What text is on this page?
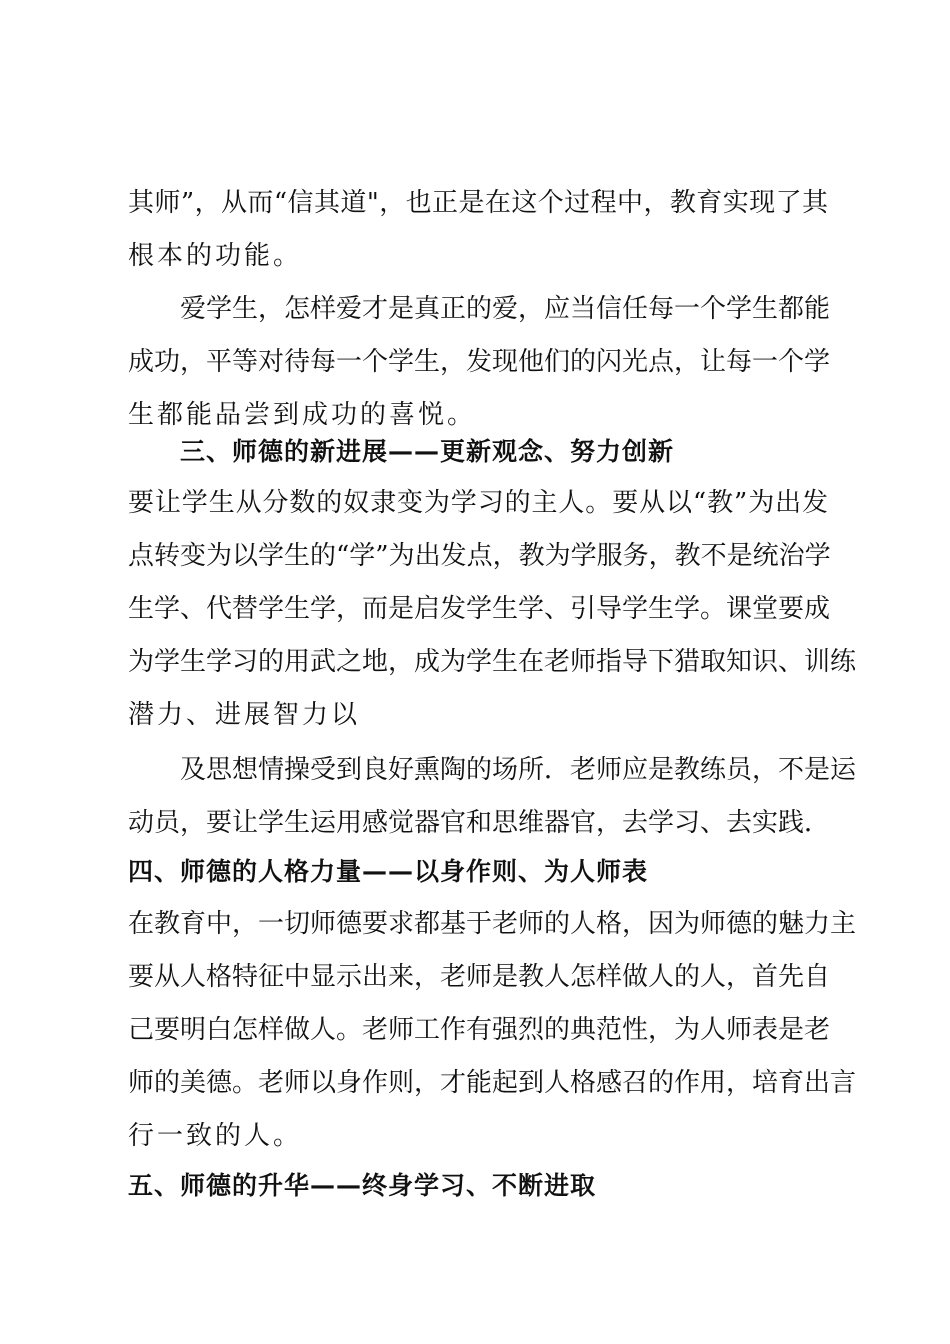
其师”，从而“信其道"，也正是在这个过程中，教育实现了其

根本的功能。

爱学生，怎样爱才是真正的爱，应当信任每一个学生都能

成功，平等对待每一个学生，发现他们的闪光点，让每一个学

生都能品尝到成功的喜悦。

三、师德的新进展——更新观念、努力创新

要让学生从分数的奴隶变为学习的主人。要从以“教”为出发

点转变为以学生的“学”为出发点，教为学服务，教不是统治学

生学、代替学生学，而是启发学生学、引导学生学。课堂要成

为学生学习的用武之地，成为学生在老师指导下猎取知识、训练

潜力、进展智力以

及思想情操受到良好熏陶的场所．老师应是教练员，不是运

动员，要让学生运用感觉器官和思维器官，去学习、去实践．

四、师德的人格力量——以身作则、为人师表

在教育中，一切师德要求都基于老师的人格，因为师德的魅力主

要从人格特征中显示出来，老师是教人怎样做人的人，首先自

己要明白怎样做人。老师工作有强烈的典范性，为人师表是老

师的美德。老师以身作则，才能起到人格感召的作用，培育出言

行一致的人。

五、师德的升华——终身学习、不断进取
